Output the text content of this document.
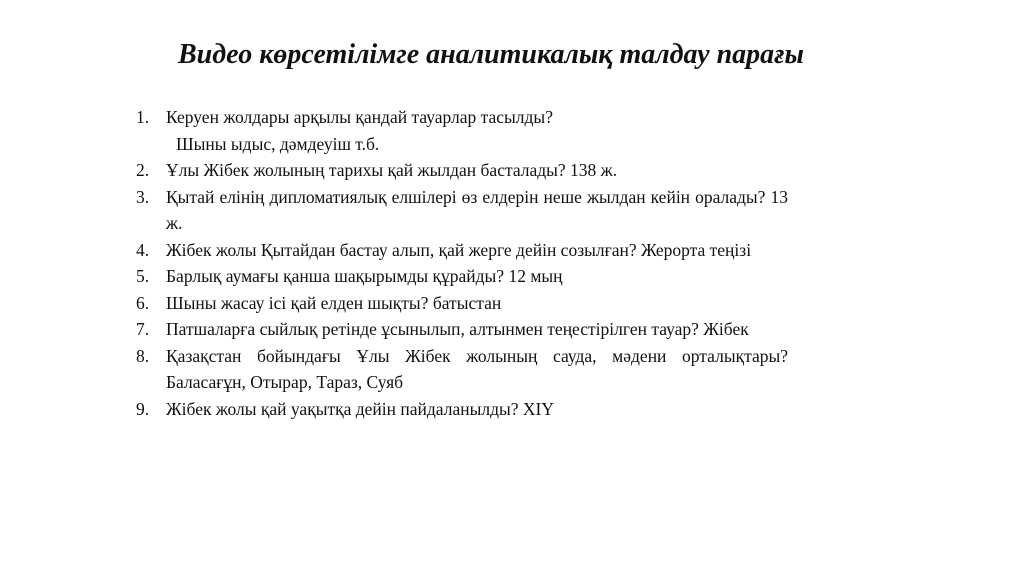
Видео көрсетілімге аналитикалық талдау парағы
1. Керуен жолдары арқылы қандай тауарлар тасылды?
Шыны ыдыс, дәмдеуіш т.б.
2. Ұлы Жібек жолының тарихы қай жылдан басталады? 138 ж.
3. Қытай елінің дипломатиялық елшілері өз елдерін неше жылдан кейін оралады? 13 ж.
4. Жібек жолы Қытайдан бастау алып, қай жерге дейін созылған? Жерорта теңізі
5. Барлық аумағы қанша шақырымды құрайды? 12 мың
6. Шыны жасау ісі қай елден шықты? батыстан
7. Патшаларға сыйлық ретінде ұсынылып, алтынмен теңестірілген тауар? Жібек
8. Қазақстан бойындағы Ұлы Жібек жолының сауда, мәдени орталықтары? Баласағұн, Отырар, Тараз, Суяб
9. Жібек жолы қай уақытқа дейін пайдаланылды? XIY
